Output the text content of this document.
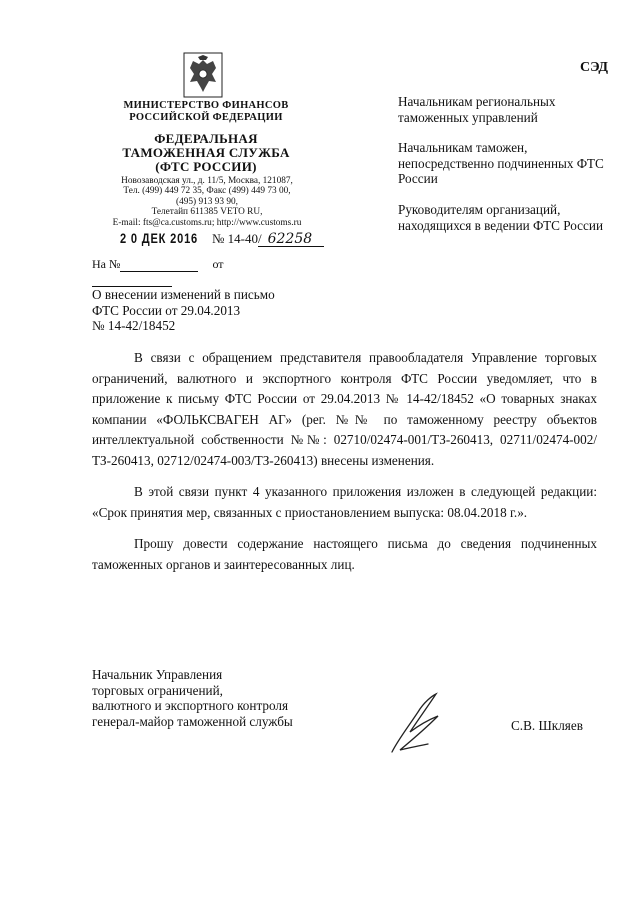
МИНИСТЕРСТВО ФИНАНСОВ
РОССИЙСКОЙ ФЕДЕРАЦИИ
ФЕДЕРАЛЬНАЯ
ТАМОЖЕННАЯ СЛУЖБА
(ФТС РОССИИ)
Новозаводская ул., д. 11/5, Москва, 121087,
Тел. (499) 449 72 35, Факс (499) 449 73 00,
(495) 913 93 90,
Телетайп 611385 VETO RU,
E-mail: fts@ca.customs.ru; http://www.customs.ru
2 0 ДЕК 2016 № 14-40/ 62258
На №	от
СЭД
Начальникам региональных таможенных управлений
Начальникам таможен, непосредственно подчиненных ФТС России
Руководителям организаций, находящихся в ведении ФТС России
О внесении изменений в письмо
ФТС России от 29.04.2013
№ 14-42/18452

В связи с обращением представителя правообладателя Управление торговых ограничений, валютного и экспортного контроля ФТС России уведомляет, что в приложение к письму ФТС России от 29.04.2013 № 14-42/18452 «О товарных знаках компании «ФОЛЬКСВАГЕН АГ» (рег. №№ по таможенному реестру объектов интеллектуальной собственности №№: 02710/02474-001/ТЗ-260413, 02711/02474-002/ТЗ-260413, 02712/02474-003/ТЗ-260413) внесены изменения.

В этой связи пункт 4 указанного приложения изложен в следующей редакции: «Срок принятия мер, связанных с приостановлением выпуска: 08.04.2018 г.».

Прошу довести содержание настоящего письма до сведения подчиненных таможенных органов и заинтересованных лиц.

Начальник Управления
торговых ограничений,
валютного и экспортного контроля
генерал-майор таможенной службы	С.В. Шкляев
